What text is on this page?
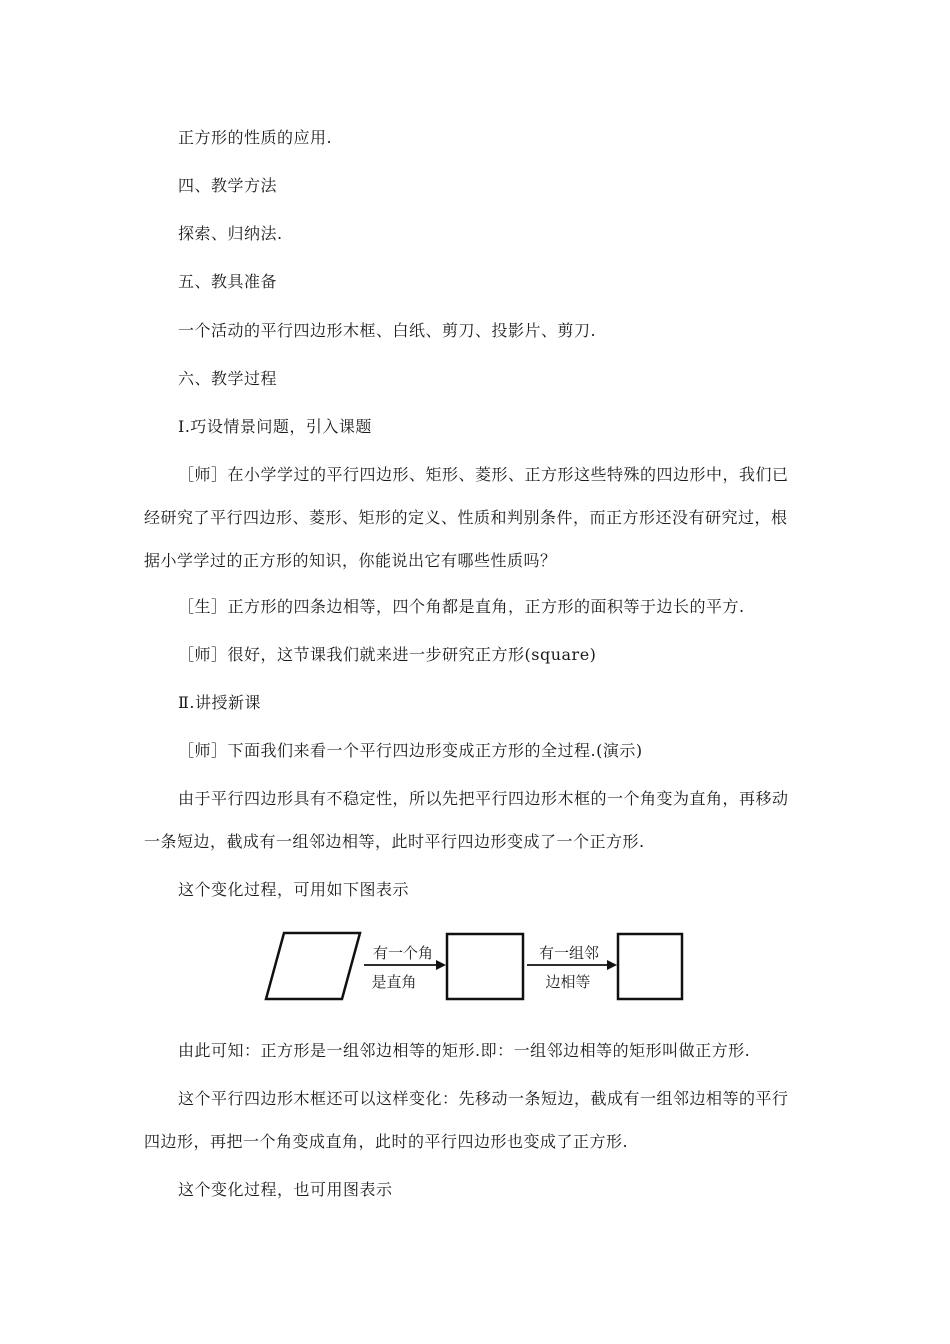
正方形的性质的应用.
四、教学方法
探索、归纳法.
五、教具准备
一个活动的平行四边形木框、白纸、剪刀、投影片、剪刀.
六、教学过程
Ⅰ.巧设情景问题，引入课题
［师］在小学学过的平行四边形、矩形、菱形、正方形这些特殊的四边形中，我们已
经研究了平行四边形、菱形、矩形的定义、性质和判别条件，而正方形还没有研究过，根
据小学学过的正方形的知识，你能说出它有哪些性质吗？
［生］正方形的四条边相等，四个角都是直角，正方形的面积等于边长的平方.
［师］很好，这节课我们就来进一步研究正方形(square)
Ⅱ.讲授新课
［师］下面我们来看一个平行四边形变成正方形的全过程.(演示)
由于平行四边形具有不稳定性，所以先把平行四边形木框的一个角变为直角，再移动
一条短边，截成有一组邻边相等，此时平行四边形变成了一个正方形.
这个变化过程，可用如下图表示
有一个角
是直角
有一组邻
边相等
由此可知：正方形是一组邻边相等的矩形.即：一组邻边相等的矩形叫做正方形.
这个平行四边形木框还可以这样变化：先移动一条短边，截成有一组邻边相等的平行
四边形，再把一个角变成直角，此时的平行四边形也变成了正方形.
这个变化过程，也可用图表示
